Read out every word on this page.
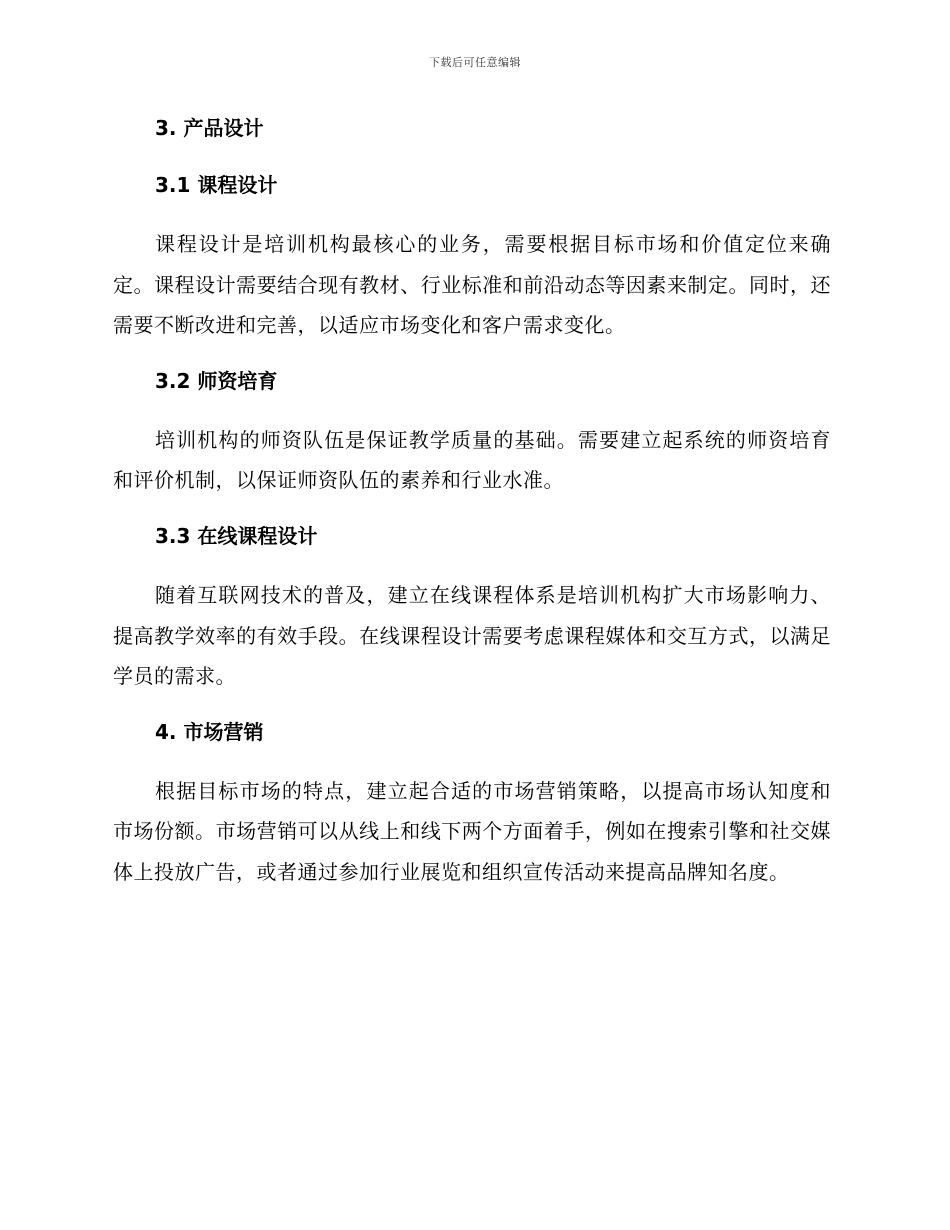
下载后可任意编辑
3. 产品设计
3.1 课程设计

课程设计是培训机构最核心的业务，需要根据目标市场和价值定位来确定。课程设计需要结合现有教材、行业标准和前沿动态等因素来制定。同时，还需要不断改进和完善，以适应市场变化和客户需求变化。

3.2 师资培育

培训机构的师资队伍是保证教学质量的基础。需要建立起系统的师资培育和评价机制，以保证师资队伍的素养和行业水准。

3.3 在线课程设计

随着互联网技术的普及，建立在线课程体系是培训机构扩大市场影响力、提高教学效率的有效手段。在线课程设计需要考虑课程媒体和交互方式，以满足学员的需求。

4. 市场营销

根据目标市场的特点，建立起合适的市场营销策略，以提高市场认知度和市场份额。市场营销可以从线上和线下两个方面着手，例如在搜索引擎和社交媒体上投放广告，或者通过参加行业展览和组织宣传活动来提高品牌知名度。
